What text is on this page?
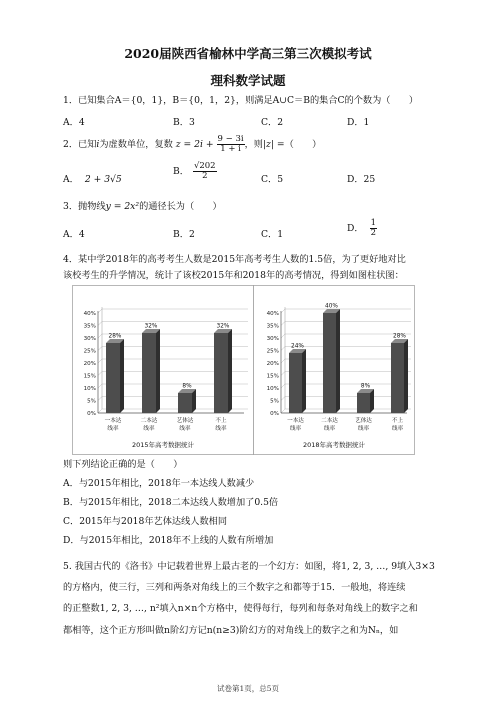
2020届陕西省榆林中学高三第三次模拟考试
理科数学试题
1．已知集合A＝{0，1}，B＝{0，1，2}，则满足A∪C＝B的集合C的个数为（　　）
A．4	B．3	C．2	D．1
2．已知i为虚数单位，复数 $z = 2i + \frac{9 - 3i}{1 + i}$ ，则|z| =（　　）
A． 2 + 3√5
B． $\frac{√202}{2}$	C．5	D．25
3．抛物线y = 2x²的通径长为（　　）
A．4	B．2	C．1
D． $\frac{1}{2}$
4．某中学2018年的高考考生人数是2015年高考考生人数的1.5倍，为了更好地对比
该校考生的升学情况，统计了该校2015年和2018年的高考情况，得到如图柱状图：
0%
5%
10%
15%
20%
25%
30%
35%
40%
28%
一本达
线率
32%
二本达
线率
8%
艺体达
线率
32%
不上
线率
2015年高考数据统计
0%
5%
10%
15%
20%
25%
30%
35%
40%
24%
一本达
线率
40%
二本达
线率
8%
艺体达
线率
28%
不上
线率
2018年高考数据统计
则下列结论正确的是（　　）
A．与2015年相比，2018年一本达线人数减少
B．与2015年相比，2018二本达线人数增加了0.5倍
C．2015年与2018年艺体达线人数相同
D．与2015年相比，2018年不上线的人数有所增加
5. 我国古代的《洛书》中记载着世界上最古老的一个幻方：如图，将1, 2, 3, …, 9填入3×3
的方格内，使三行，三列和两条对角线上的三个数字之和都等于15．一般地，将连续
的正整数1, 2, 3, …, n²填入n×n个方格中，使得每行，每列和每条对角线上的数字之和
都相等，这个正方形叫做n阶幻方记n(n≥3)阶幻方的对角线上的数字之和为Nₙ，如
试卷第1页，总5页
